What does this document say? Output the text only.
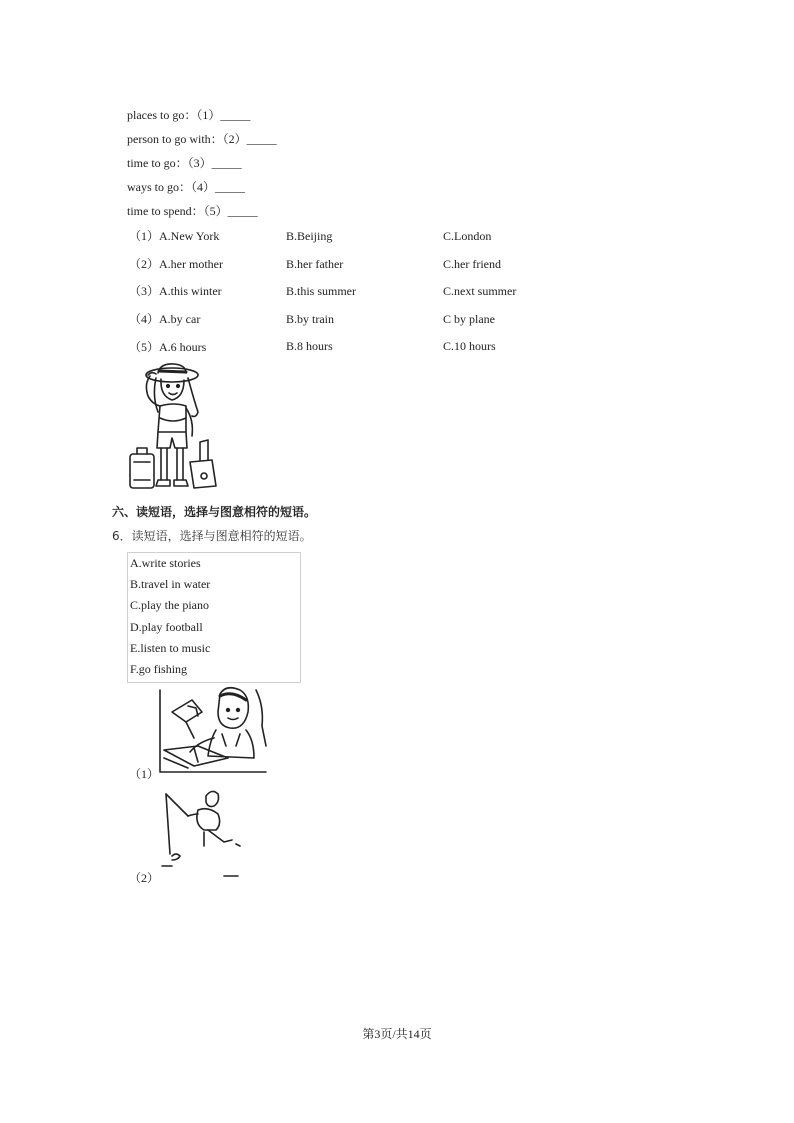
places to go：（1）_____
person to go with：（2）_____
time to go：（3）_____
ways to go：（4）_____
time to spend：（5）_____
（1）A.New York	B.Beijing	C.London
（2）A.her mother	B.her father	C.her friend
（3）A.this winter	B.this summer	C.next summer
（4）A.by car	B.by train	C by plane
（5）A.6 hours	B.8 hours	C.10 hours
六、读短语，选择与图意相符的短语。
6．读短语，选择与图意相符的短语。
A.write stories
B.travel in water
C.play the piano
D.play football
E.listen to music
F.go fishing
（1）
（2）
第3页/共14页
